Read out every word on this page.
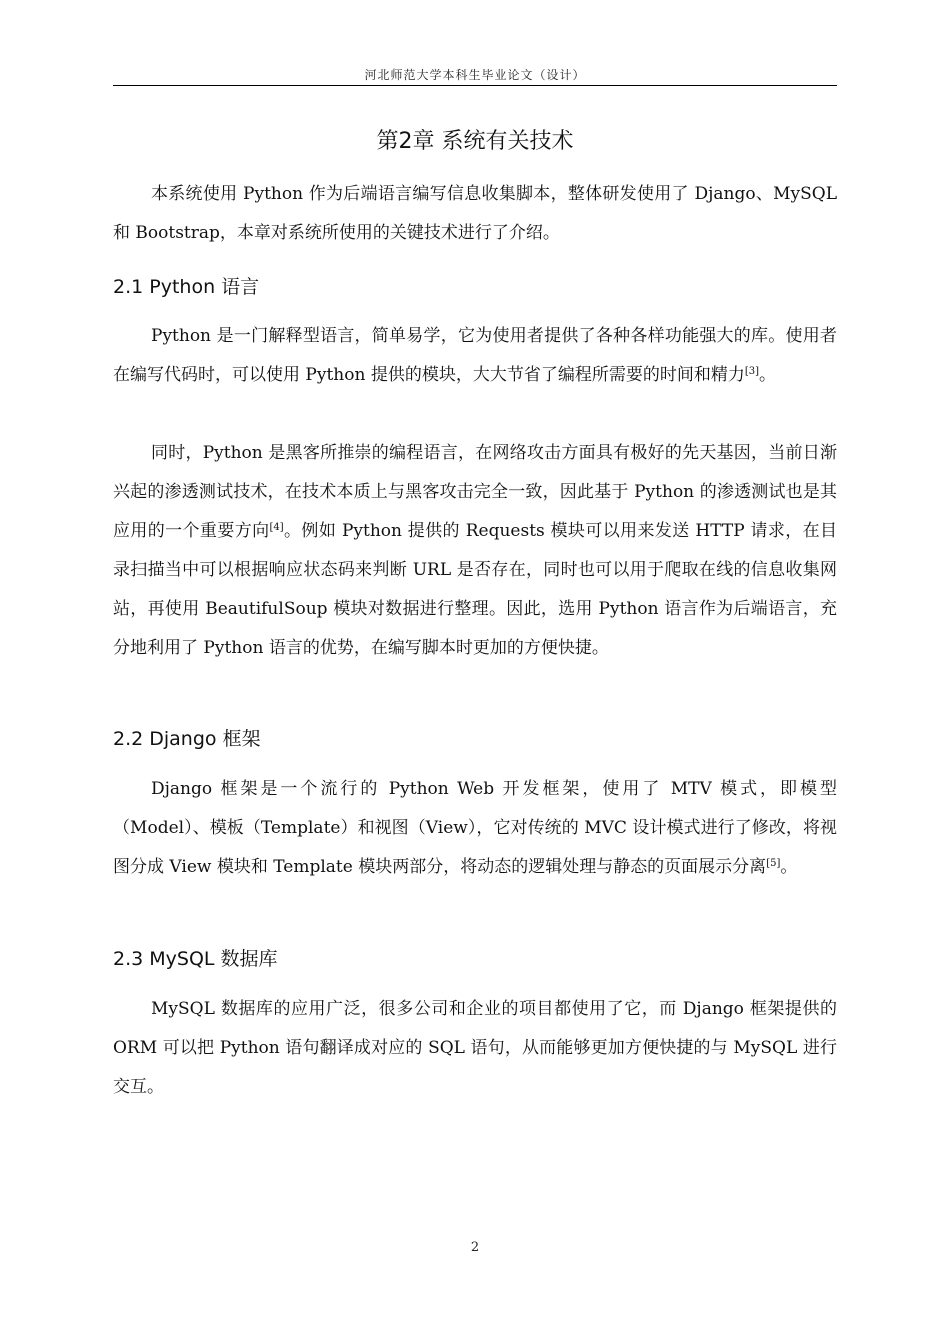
河北师范大学本科生毕业论文（设计）
第2章 系统有关技术

本系统使用 Python 作为后端语言编写信息收集脚本，整体研发使用了 Django、MySQL 和 Bootstrap，本章对系统所使用的关键技术进行了介绍。

2.1 Python 语言

Python 是一门解释型语言，简单易学，它为使用者提供了各种各样功能强大的库。使用者在编写代码时，可以使用 Python 提供的模块，大大节省了编程所需要的时间和精力[3]。

同时，Python 是黑客所推崇的编程语言，在网络攻击方面具有极好的先天基因，当前日渐兴起的渗透测试技术，在技术本质上与黑客攻击完全一致，因此基于 Python 的渗透测试也是其应用的一个重要方向[4]。例如 Python 提供的 Requests 模块可以用来发送 HTTP 请求，在目录扫描当中可以根据响应状态码来判断 URL 是否存在，同时也可以用于爬取在线的信息收集网站，再使用 BeautifulSoup 模块对数据进行整理。因此，选用 Python 语言作为后端语言，充分地利用了 Python 语言的优势，在编写脚本时更加的方便快捷。

2.2 Django 框架

Django 框架是一个流行的 Python Web 开发框架，使用了 MTV 模式，即模型（Model）、模板（Template）和视图（View），它对传统的 MVC 设计模式进行了修改，将视图分成 View 模块和 Template 模块两部分，将动态的逻辑处理与静态的页面展示分离[5]。

2.3 MySQL 数据库

MySQL 数据库的应用广泛，很多公司和企业的项目都使用了它，而 Django 框架提供的 ORM 可以把 Python 语句翻译成对应的 SQL 语句，从而能够更加方便快捷的与 MySQL 进行交互。

2
